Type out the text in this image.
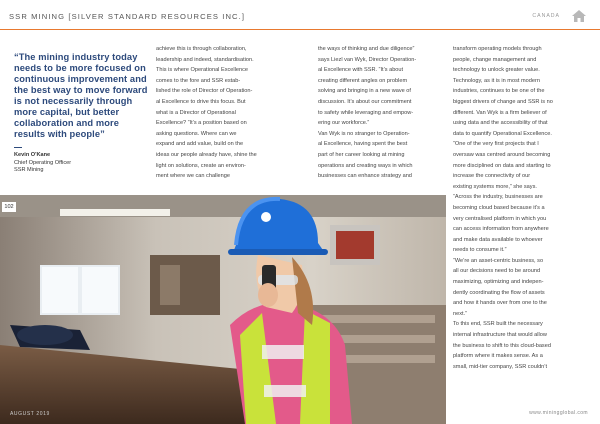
SSR MINING [SILVER STANDARD RESOURCES INC.]	CANADA
“The mining industry today needs to be more focused on continuous improvement and the best way to move forward is not necessarily through more capital, but better collaboration and more results with people”
Kevin O'Kane
Chief Operating Officer
SSR Mining
achieve this is through collaboration,
leadership and indeed, standardisation.
This is where Operational Excellence
comes to the fore and SSR estab-
lished the role of Director of Operation-
al Excellence to drive this focus. But
what is a Director of Operational
Excellence? “It’s a position based on
asking questions. Where can we
expand and add value, build on the
ideas our people already have, shine the
light on solutions, create an environ-
ment where we can challenge
the ways of thinking and due diligence”
says Liezl van Wyk, Director Operation-
al Excellence with SSR. “It’s about
creating different angles on problem
solving and bringing in a new wave of
discussion. It’s about our commitment
to safety while leveraging and empow-
ering our workforce.”
Van Wyk is no stranger to Operation-
al Excellence, having spent the best
part of her career looking at mining
operations and creating ways in which
businesses can enhance strategy and
transform operating models through
people, change management and
technology to unlock greater value.
Technology, as it is in most modern
industries, continues to be one of the
biggest drivers of change and SSR is no
different. Van Wyk is a firm believer of
using data and the accessibility of that
data to quantify Operational Excellence.
“One of the very first projects that I
oversaw was centred around becoming
more disciplined on data and starting to
increase the connectivity of our
existing systems more,” she says.
“Across the industry, businesses are
becoming cloud based because it’s a
very centralised platform in which you
can access information from anywhere
and make data available to whoever
needs to consume it.”
“We’re an asset-centric business, so
all our decisions need to be around
maximizing, optimizing and indepen-
dently coordinating the flow of assets
and how it hands over from one to the
next.”
To this end, SSR built the necessary
internal infrastructure that would allow
the business to shift to this cloud-based
platform where it makes sense. As a
small, mid-tier company, SSR couldn’t
102
AUGUST 2019	www.miningglobal.com
